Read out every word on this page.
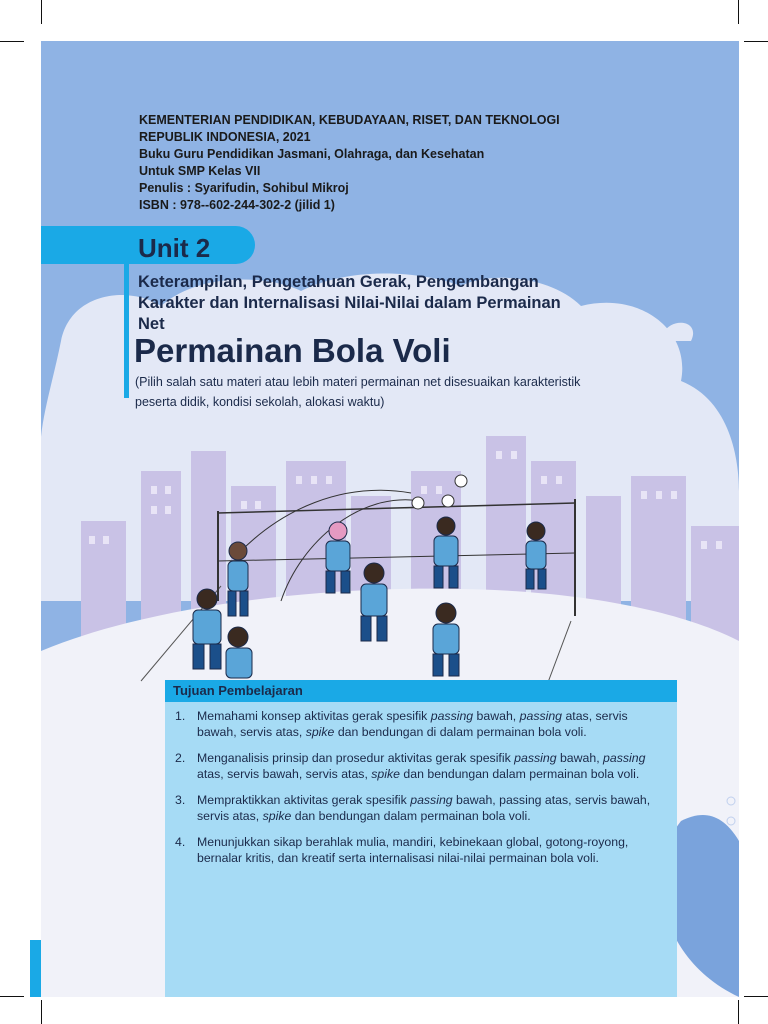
KEMENTERIAN PENDIDIKAN, KEBUDAYAAN, RISET, DAN TEKNOLOGI
REPUBLIK INDONESIA, 2021
Buku Guru Pendidikan Jasmani, Olahraga, dan Kesehatan
Untuk SMP Kelas VII
Penulis : Syarifudin, Sohibul Mikroj
ISBN : 978--602-244-302-2 (jilid 1)
Unit 2
Keterampilan, Pengetahuan Gerak, Pengembangan Karakter dan Internalisasi Nilai-Nilai dalam Permainan Net
Permainan Bola Voli
(Pilih salah satu materi atau lebih materi permainan net disesuaikan karakteristik peserta didik, kondisi sekolah, alokasi waktu)
Tujuan Pembelajaran
1. Memahami konsep aktivitas gerak spesifik passing bawah, passing atas, servis bawah, servis atas, spike dan bendungan di dalam permainan bola voli.
2. Menganalisis prinsip dan prosedur aktivitas gerak spesifik passing bawah, passing atas, servis bawah, servis atas, spike dan bendungan dalam permainan bola voli.
3. Mempraktikkan aktivitas gerak spesifik passing bawah, passing atas, servis bawah, servis atas, spike dan bendungan dalam permainan bola voli.
4. Menunjukkan sikap berahlak mulia, mandiri, kebinekaan global, gotong-royong, bernalar kritis, dan kreatif serta internalisasi nilai-nilai permainan bola voli.
